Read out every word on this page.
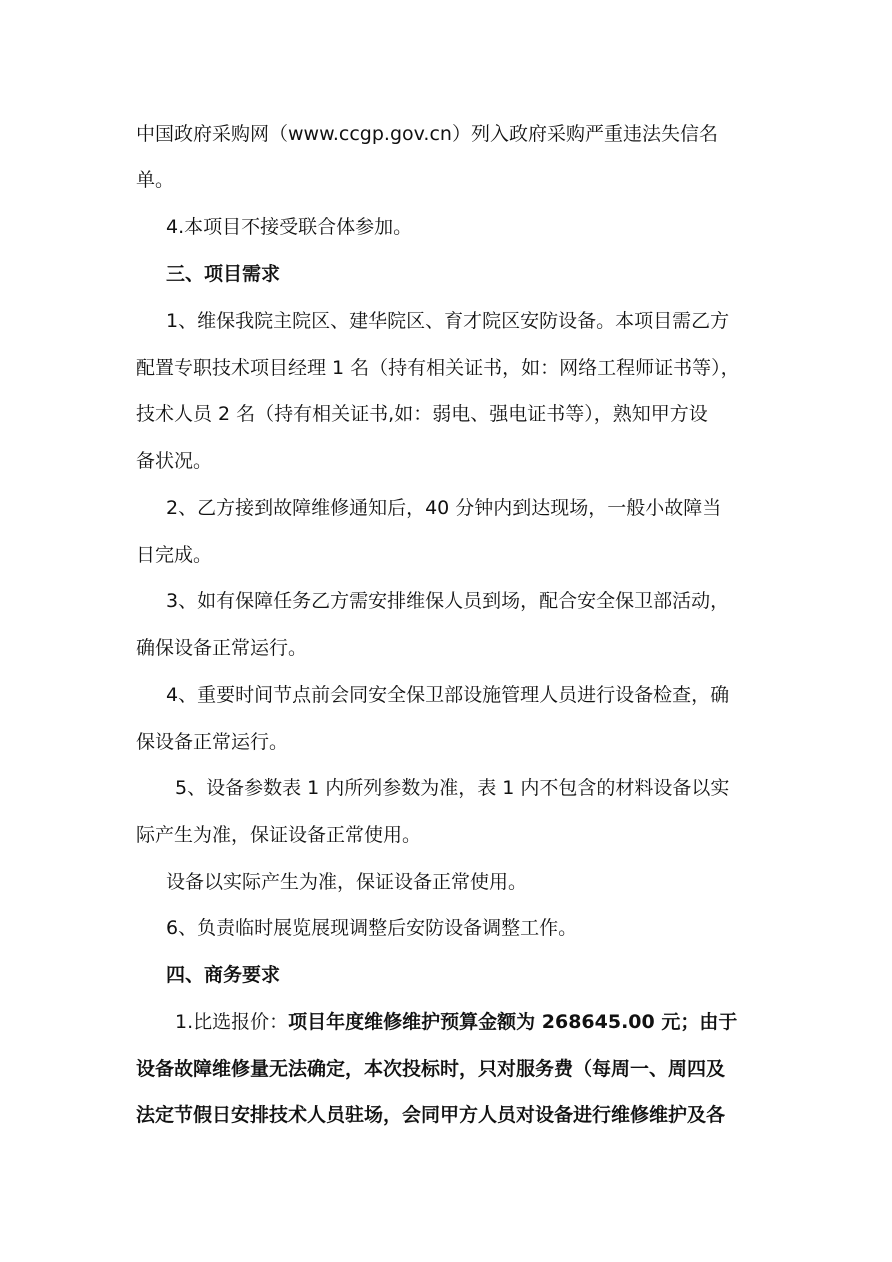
中国政府采购网（www.ccgp.gov.cn）列入政府采购严重违法失信名
单。
4.本项目不接受联合体参加。
三、项目需求
1、维保我院主院区、建华院区、育才院区安防设备。本项目需乙方
配置专职技术项目经理 1 名（持有相关证书，如：网络工程师证书等），
技术人员 2 名（持有相关证书,如：弱电、强电证书等），熟知甲方设
备状况。
2、乙方接到故障维修通知后，40 分钟内到达现场，一般小故障当
日完成。
3、如有保障任务乙方需安排维保人员到场，配合安全保卫部活动，
确保设备正常运行。
4、重要时间节点前会同安全保卫部设施管理人员进行设备检查，确
保设备正常运行。
5、设备参数表 1 内所列参数为准，表 1 内不包含的材料设备以实
际产生为准，保证设备正常使用。
设备以实际产生为准，保证设备正常使用。
6、负责临时展览展现调整后安防设备调整工作。
四、商务要求
1.比选报价：项目年度维修维护预算金额为 268645.00 元；由于
设备故障维修量无法确定，本次投标时，只对服务费（每周一、周四及
法定节假日安排技术人员驻场，会同甲方人员对设备进行维修维护及各
